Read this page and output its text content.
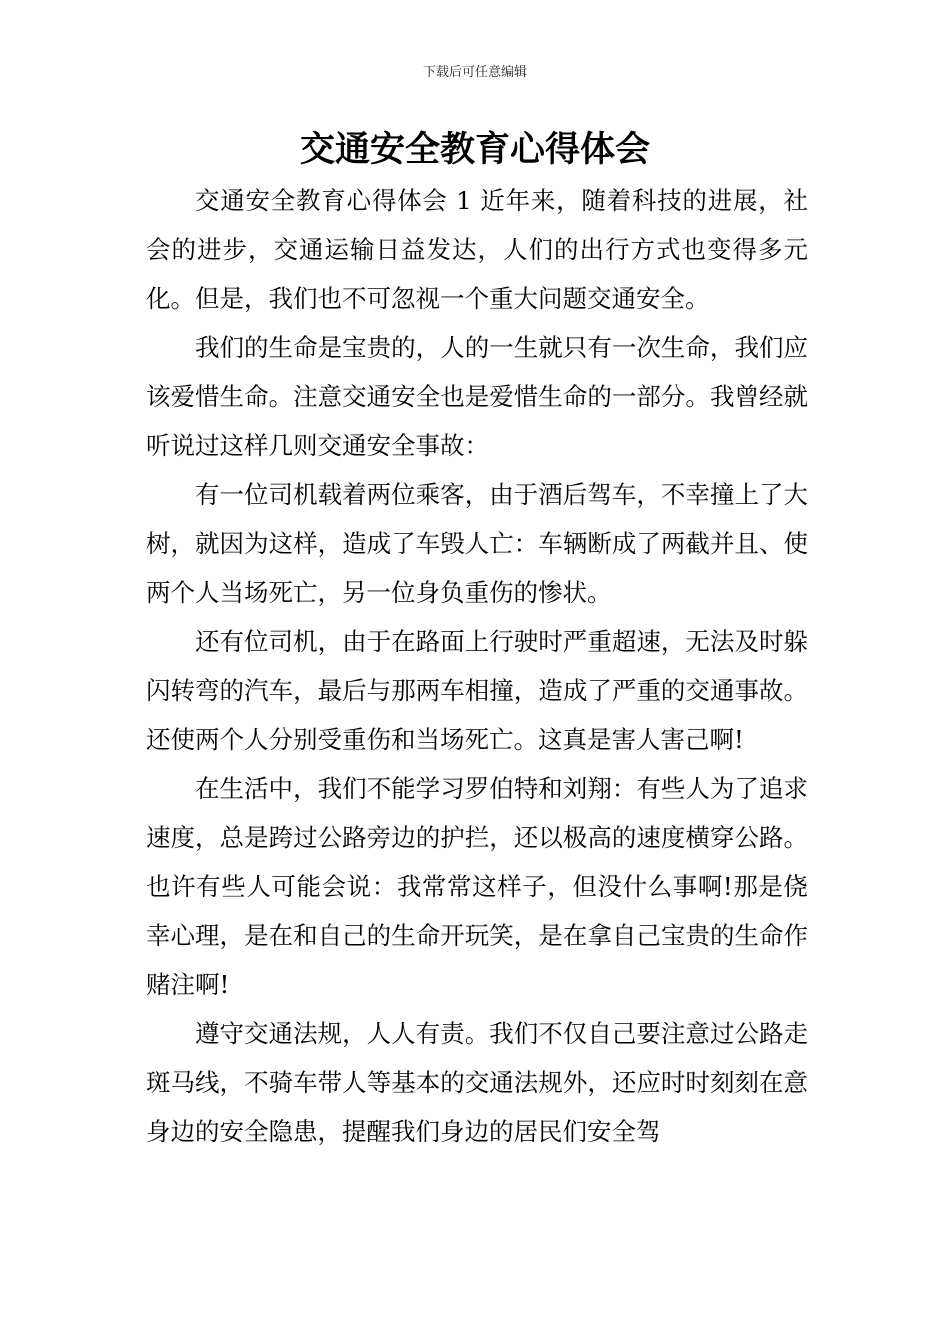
下载后可任意编辑
交通安全教育心得体会

交通安全教育心得体会 1 近年来，随着科技的进展，社会的进步，交通运输日益发达，人们的出行方式也变得多元化。但是，我们也不可忽视一个重大问题交通安全。

我们的生命是宝贵的，人的一生就只有一次生命，我们应该爱惜生命。注意交通安全也是爱惜生命的一部分。我曾经就听说过这样几则交通安全事故：

有一位司机载着两位乘客，由于酒后驾车，不幸撞上了大树，就因为这样，造成了车毁人亡：车辆断成了两截并且、使两个人当场死亡，另一位身负重伤的惨状。

还有位司机，由于在路面上行驶时严重超速，无法及时躲闪转弯的汽车，最后与那两车相撞，造成了严重的交通事故。还使两个人分别受重伤和当场死亡。这真是害人害己啊!

在生活中，我们不能学习罗伯特和刘翔：有些人为了追求速度，总是跨过公路旁边的护拦，还以极高的速度横穿公路。也许有些人可能会说：我常常这样子，但没什么事啊!那是侥幸心理，是在和自己的生命开玩笑，是在拿自己宝贵的生命作赌注啊!

遵守交通法规，人人有责。我们不仅自己要注意过公路走斑马线，不骑车带人等基本的交通法规外，还应时时刻刻在意身边的安全隐患，提醒我们身边的居民们安全驾
